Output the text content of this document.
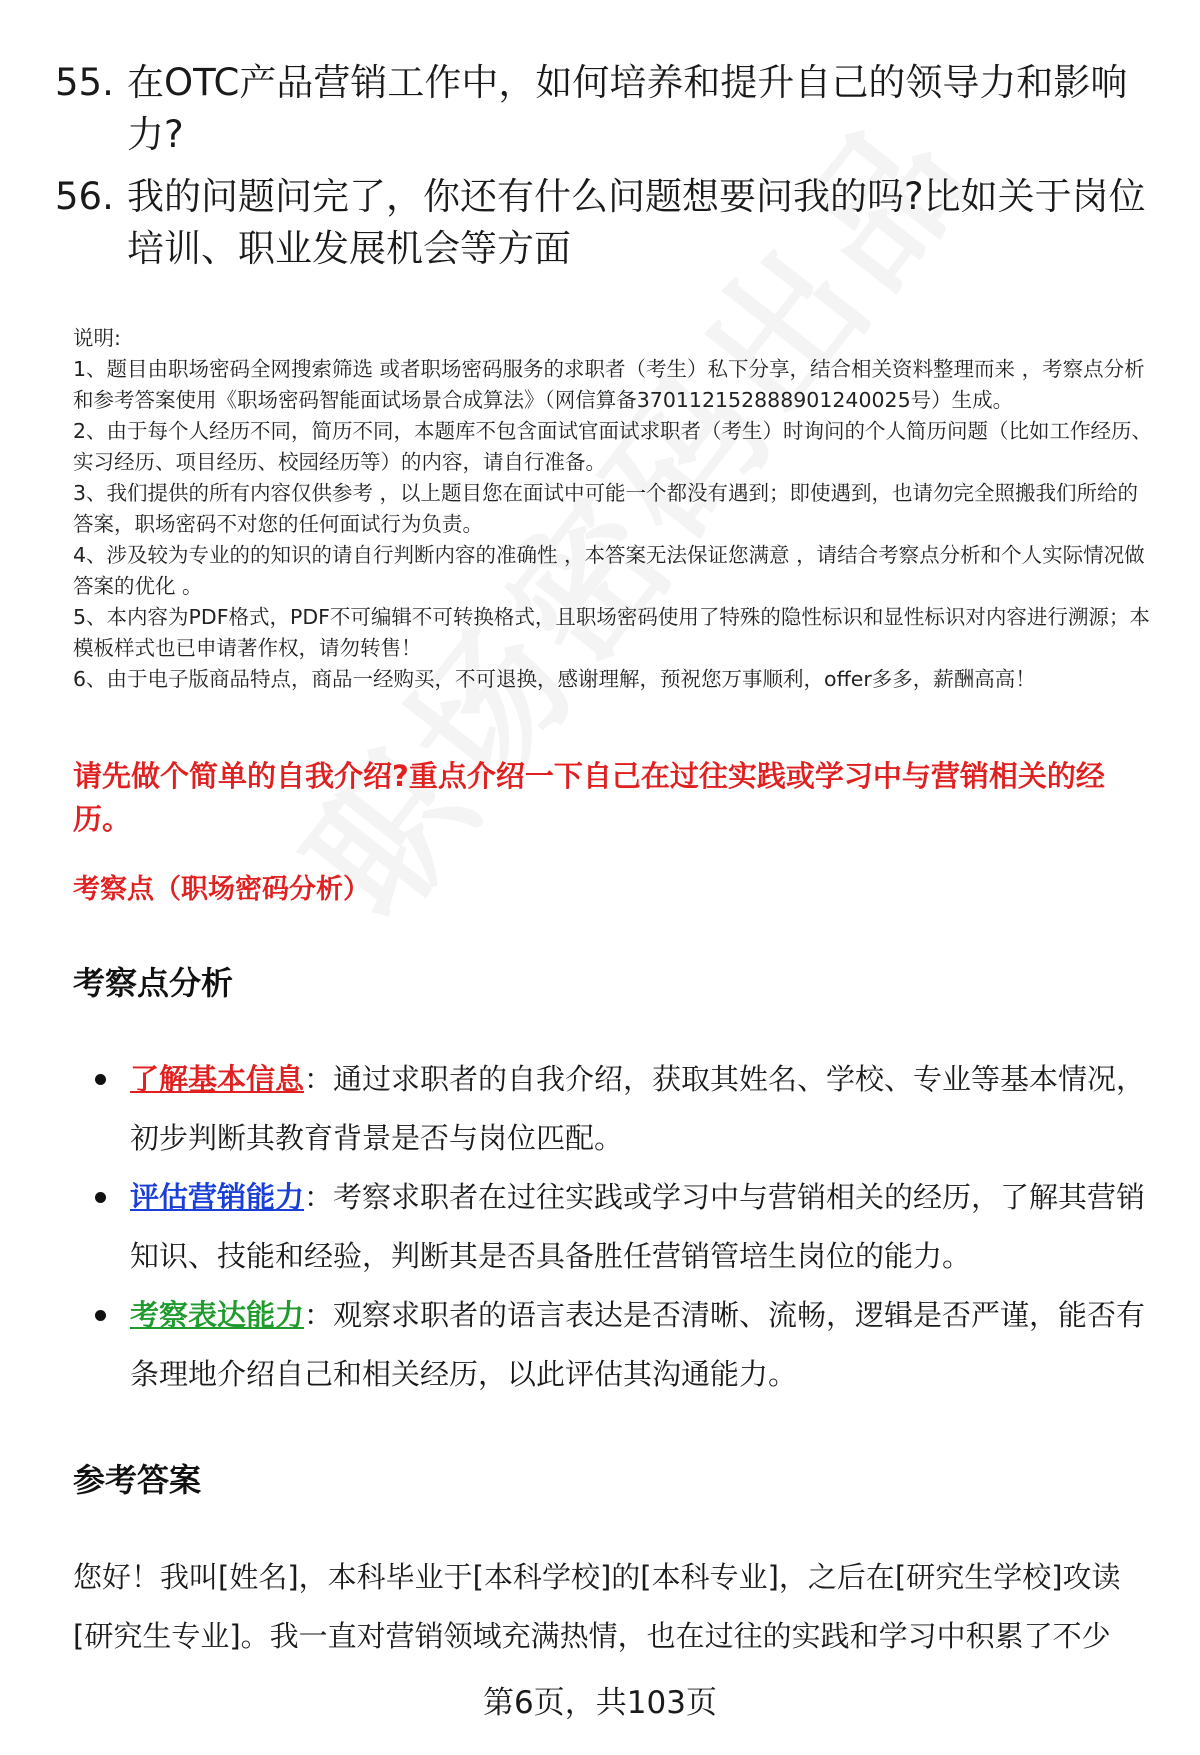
55. 在OTC产品营销工作中，如何培养和提升自己的领导力和影响力?
56. 我的问题问完了，你还有什么问题想要问我的吗?比如关于岗位培训、职业发展机会等方面

说明:

1、题目由职场密码全网搜索筛选 或者职场密码服务的求职者（考生）私下分享，结合相关资料整理而来 ，考察点分析和参考答案使用《职场密码智能面试场景合成算法》（网信算备370112152888901240025号）生成。

2、由于每个人经历不同，简历不同，本题库不包含面试官面试求职者（考生）时询问的个人简历问题（比如工作经历、实习经历、项目经历、校园经历等）的内容，请自行准备。

3、我们提供的所有内容仅供参考 ，以上题目您在面试中可能一个都没有遇到；即使遇到，也请勿完全照搬我们所给的答案，职场密码不对您的任何面试行为负责。

4、涉及较为专业的的知识的请自行判断内容的准确性 ，本答案无法保证您满意 ，请结合考察点分析和个人实际情况做答案的优化 。

5、本内容为PDF格式，PDF不可编辑不可转换格式，且职场密码使用了特殊的隐性标识和显性标识对内容进行溯源；本模板样式也已申请著作权，请勿转售！

6、由于电子版商品特点，商品一经购买，不可退换，感谢理解，预祝您万事顺利，offer多多，薪酬高高！

请先做个简单的自我介绍?重点介绍一下自己在过往实践或学习中与营销相关的经历。
考察点（职场密码分析）
考察点分析
了解基本信息：通过求职者的自我介绍，获取其姓名、学校、专业等基本情况，初步判断其教育背景是否与岗位匹配。
评估营销能力：考察求职者在过往实践或学习中与营销相关的经历，了解其营销知识、技能和经验，判断其是否具备胜任营销管培生岗位的能力。
考察表达能力：观察求职者的语言表达是否清晰、流畅，逻辑是否严谨，能否有条理地介绍自己和相关经历，以此评估其沟通能力。
参考答案
您好！我叫[姓名]，本科毕业于[本科学校]的[本科专业]，之后在[研究生学校]攻读[研究生专业]。我一直对营销领域充满热情，也在过往的实践和学习中积累了不少
第6页，共103页
